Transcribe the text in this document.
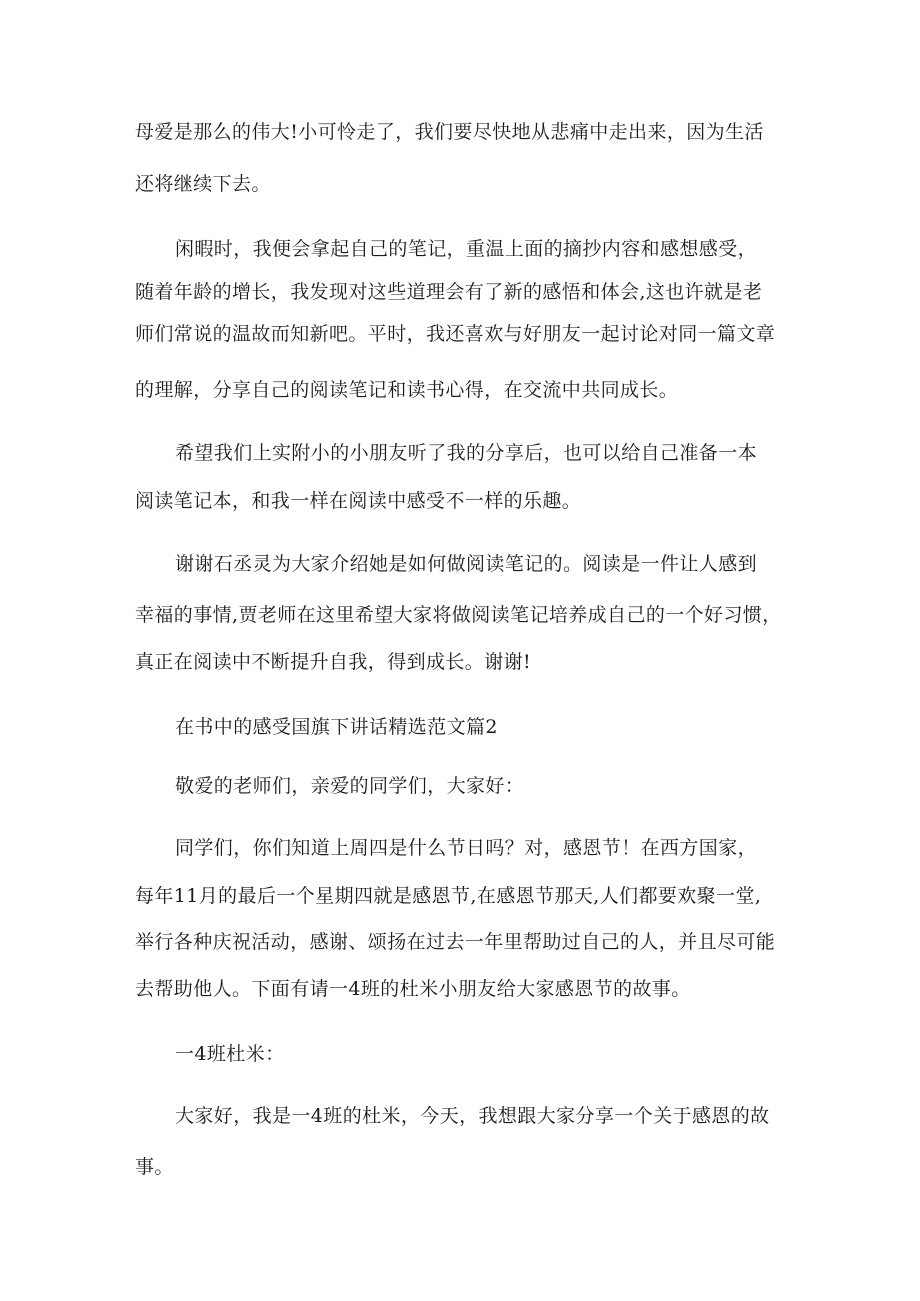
母爱是那么的伟大!小可怜走了，我们要尽快地从悲痛中走出来，因为生活

还将继续下去。

闲暇时，我便会拿起自己的笔记，重温上面的摘抄内容和感想感受，

随着年龄的增长，我发现对这些道理会有了新的感悟和体会,这也许就是老

师们常说的温故而知新吧。平时，我还喜欢与好朋友一起讨论对同一篇文章

的理解，分享自己的阅读笔记和读书心得，在交流中共同成长。

希望我们上实附小的小朋友听了我的分享后，也可以给自己准备一本

阅读笔记本，和我一样在阅读中感受不一样的乐趣。

谢谢石丞灵为大家介绍她是如何做阅读笔记的。阅读是一件让人感到

幸福的事情,贾老师在这里希望大家将做阅读笔记培养成自己的一个好习惯，

真正在阅读中不断提升自我，得到成长。谢谢!

在书中的感受国旗下讲话精选范文篇2

敬爱的老师们，亲爱的同学们，大家好：

同学们，你们知道上周四是什么节日吗？对，感恩节！在西方国家，

每年11月的最后一个星期四就是感恩节,在感恩节那天,人们都要欢聚一堂,

举行各种庆祝活动，感谢、颂扬在过去一年里帮助过自己的人，并且尽可能

去帮助他人。下面有请一4班的杜米小朋友给大家感恩节的故事。

一4班杜米：

大家好，我是一4班的杜米，今天，我想跟大家分享一个关于感恩的故

事。
